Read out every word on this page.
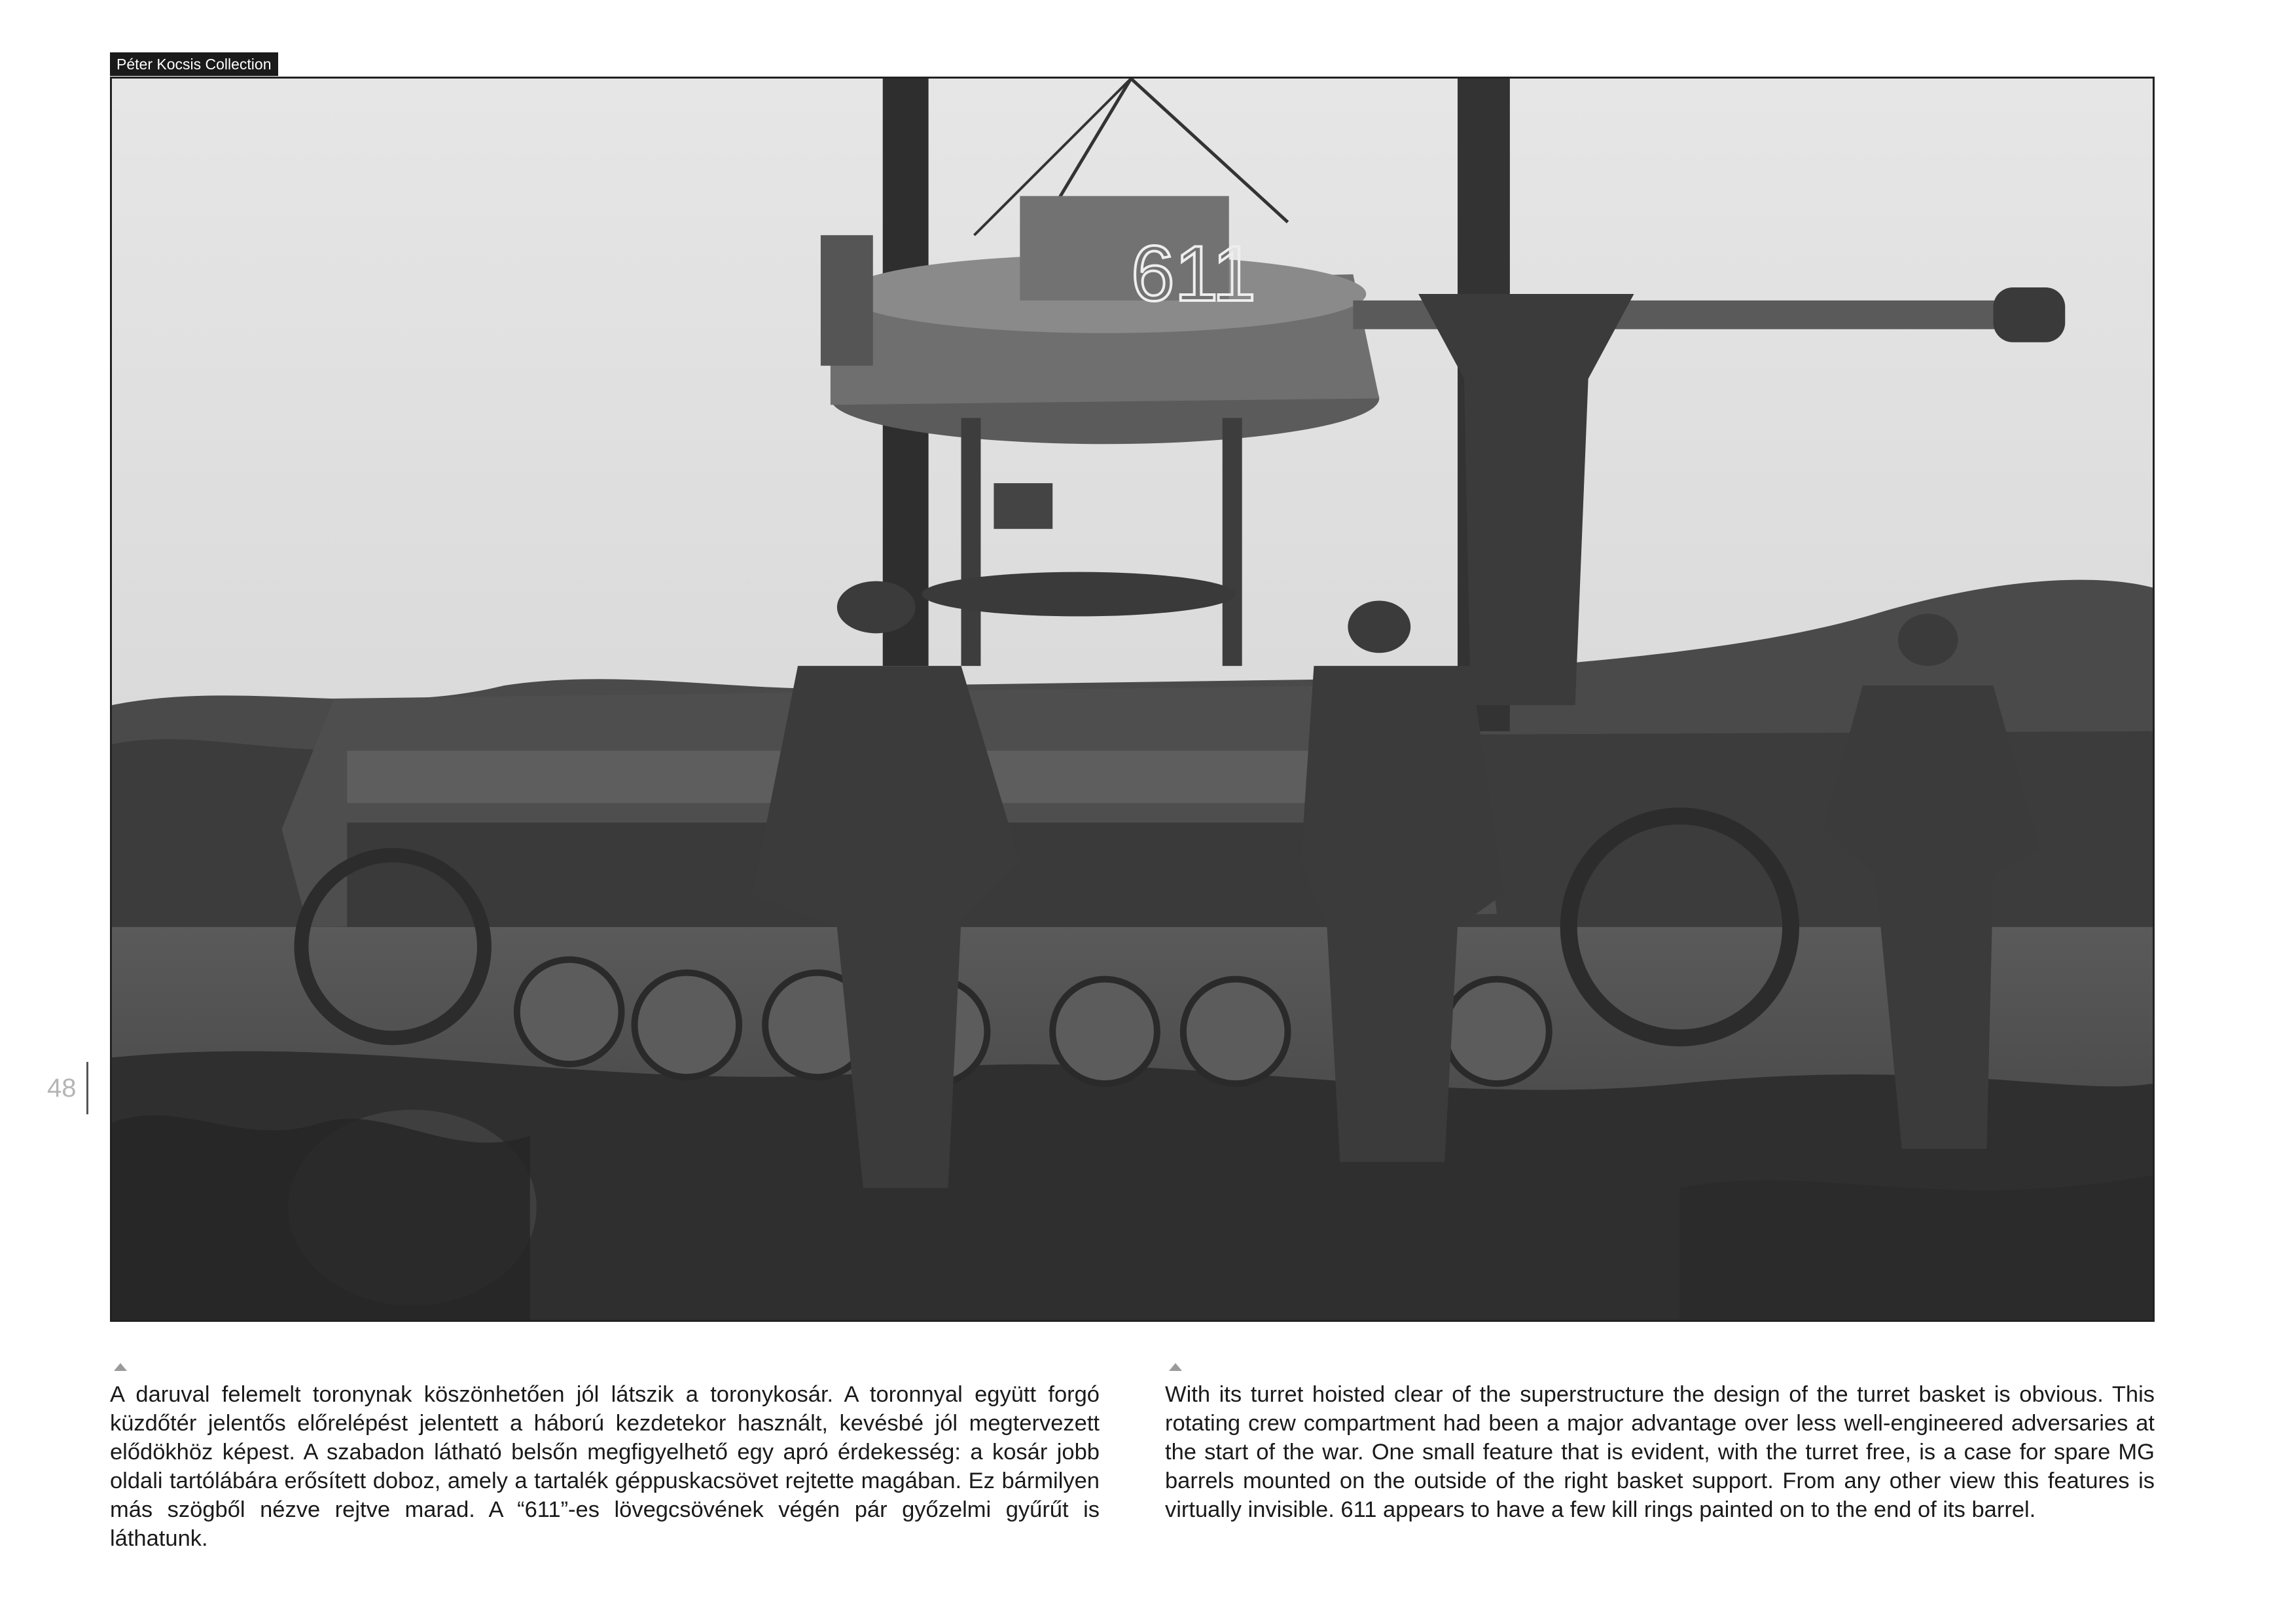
Péter Kocsis Collection
611
48

A daruval felemelt toronynak köszönhetően jól látszik a toronykosár. A toronnyal együtt forgó küzdőtér jelentős előrelépést jelentett a háború kezdetekor használt, kevésbé jól megtervezett elődökhöz képest. A szabadon látható belsőn megfigyelhető egy apró érdekesség: a kosár jobb oldali tartólábára erősített doboz, amely a tartalék géppuskacsövet rejtette magában. Ez bármilyen más szögből nézve rejtve marad. A “611”-es lövegcsövének végén pár győzelmi gyűrűt is láthatunk.

With its turret hoisted clear of the superstructure the design of the turret basket is obvious. This rotating crew compartment had been a major advantage over less well-engineered adversaries at the start of the war. One small feature that is evident, with the turret free, is a case for spare MG barrels mounted on the outside of the right basket support. From any other view this features is virtually invisible. 611 appears to have a few kill rings painted on to the end of its barrel.
